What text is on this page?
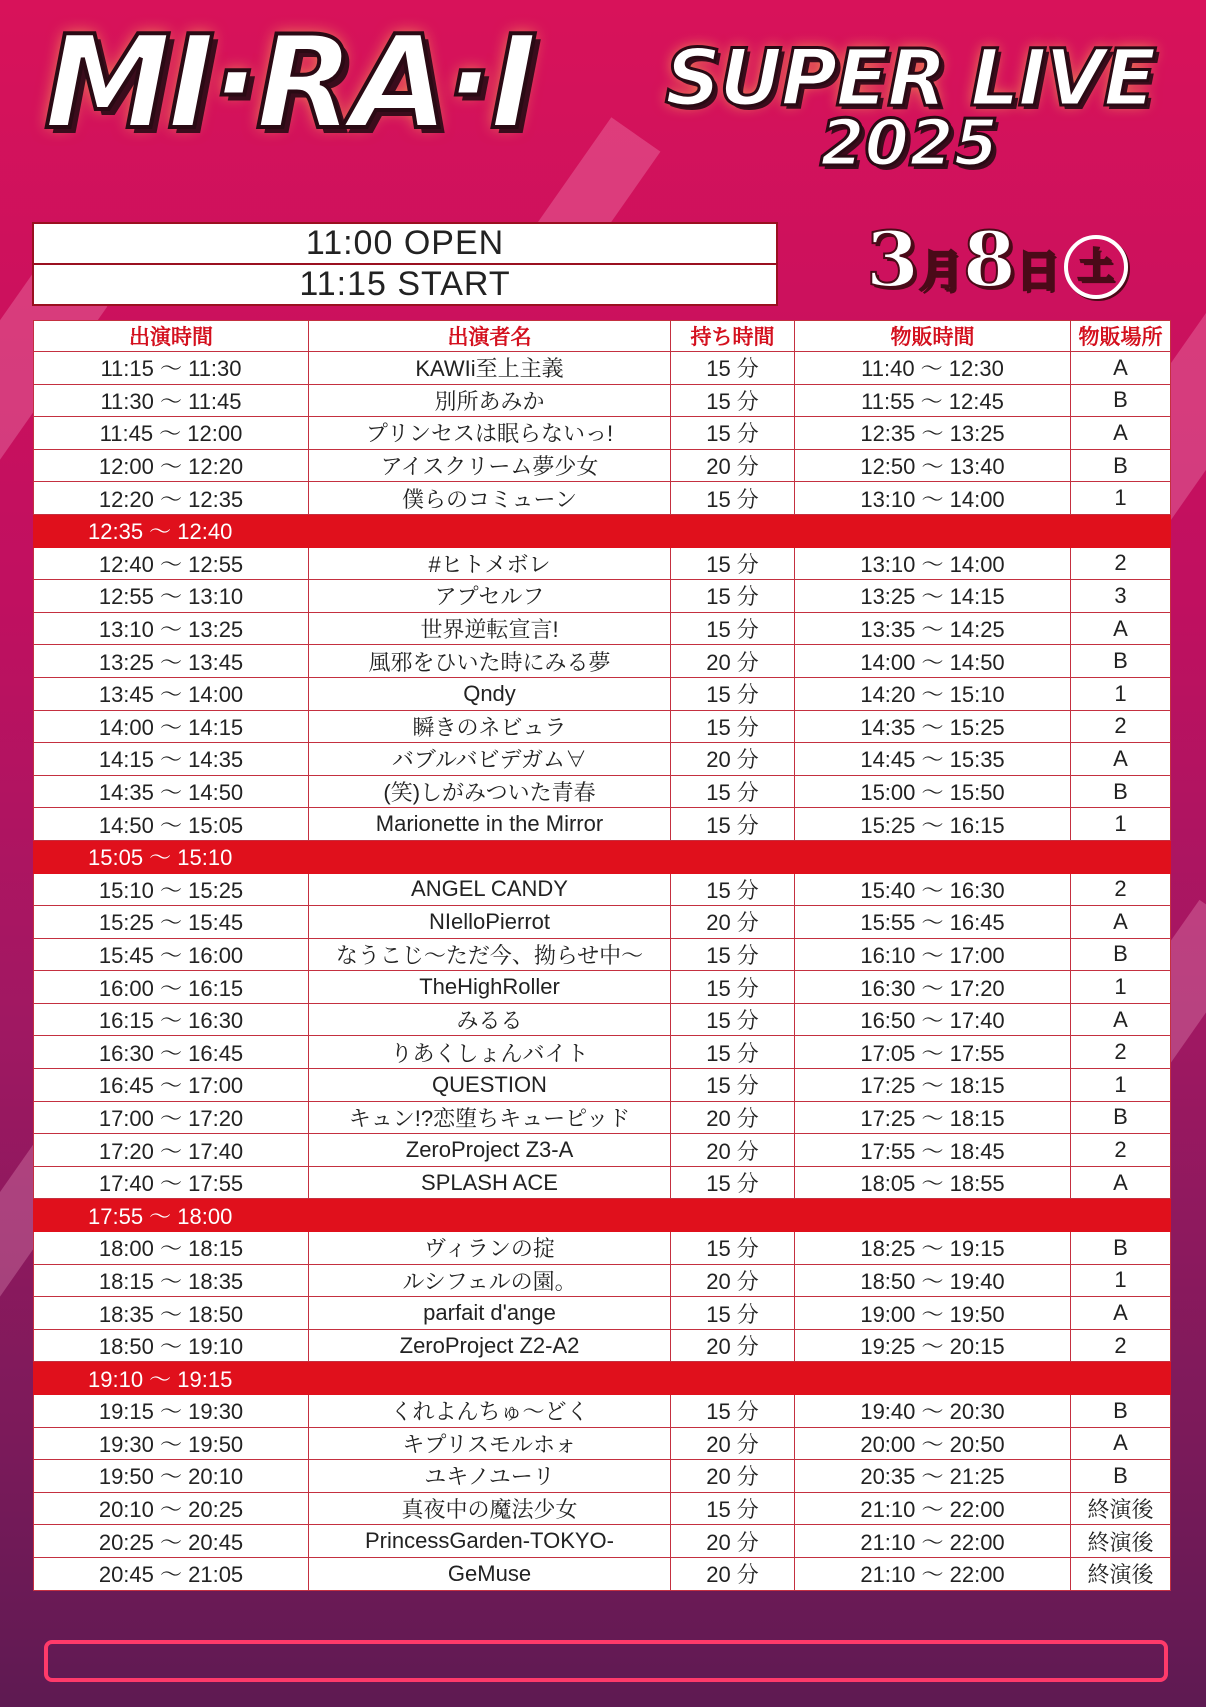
MI·RA·I SUPER LIVE
2025
11:00 OPEN
11:15 START	3月8日 土
出演時間	出演者名	持ち時間	物販時間	物販場所
11:15 〜 11:30	KAWIi至上主義	15 分	11:40 〜 12:30	A
11:30 〜 11:45	別所あみか	15 分	11:55 〜 12:45	B
11:45 〜 12:00	プリンセスは眠らないっ!	15 分	12:35 〜 13:25	A
12:00 〜 12:20	アイスクリーム夢少女	20 分	12:50 〜 13:40	B
12:20 〜 12:35	僕らのコミューン	15 分	13:10 〜 14:00	1
12:35 〜 12:40				
12:40 〜 12:55	#ヒトメボレ	15 分	13:10 〜 14:00	2
12:55 〜 13:10	アプセルフ	15 分	13:25 〜 14:15	3
13:10 〜 13:25	世界逆転宣言!	15 分	13:35 〜 14:25	A
13:25 〜 13:45	風邪をひいた時にみる夢	20 分	14:00 〜 14:50	B
13:45 〜 14:00	Qndy	15 分	14:20 〜 15:10	1
14:00 〜 14:15	瞬きのネビュラ	15 分	14:35 〜 15:25	2
14:15 〜 14:35	バブルバビデガム∀	20 分	14:45 〜 15:35	A
14:35 〜 14:50	(笑)しがみついた青春	15 分	15:00 〜 15:50	B
14:50 〜 15:05	Marionette in the Mirror	15 分	15:25 〜 16:15	1
15:05 〜 15:10				
15:10 〜 15:25	ANGEL CANDY	15 分	15:40 〜 16:30	2
15:25 〜 15:45	NIelloPierrot	20 分	15:55 〜 16:45	A
15:45 〜 16:00	なうこじ〜ただ今、拗らせ中〜	15 分	16:10 〜 17:00	B
16:00 〜 16:15	TheHighRoller	15 分	16:30 〜 17:20	1
16:15 〜 16:30	みるる	15 分	16:50 〜 17:40	A
16:30 〜 16:45	りあくしょんバイト	15 分	17:05 〜 17:55	2
16:45 〜 17:00	QUESTION	15 分	17:25 〜 18:15	1
17:00 〜 17:20	キュン!?恋堕ちキューピッド	20 分	17:25 〜 18:15	B
17:20 〜 17:40	ZeroProject Z3-A	20 分	17:55 〜 18:45	2
17:40 〜 17:55	SPLASH ACE	15 分	18:05 〜 18:55	A
17:55 〜 18:00				
18:00 〜 18:15	ヴィランの掟	15 分	18:25 〜 19:15	B
18:15 〜 18:35	ルシフェルの園。	20 分	18:50 〜 19:40	1
18:35 〜 18:50	parfait d'ange	15 分	19:00 〜 19:50	A
18:50 〜 19:10	ZeroProject Z2-A2	20 分	19:25 〜 20:15	2
19:10 〜 19:15				
19:15 〜 19:30	くれよんちゅ〜どく	15 分	19:40 〜 20:30	B
19:30 〜 19:50	キプリスモルホォ	20 分	20:00 〜 20:50	A
19:50 〜 20:10	ユキノユーリ	20 分	20:35 〜 21:25	B
20:10 〜 20:25	真夜中の魔法少女	15 分	21:10 〜 22:00	終演後
20:25 〜 20:45	PrincessGarden-TOKYO-	20 分	21:10 〜 22:00	終演後
20:45 〜 21:05	GeMuse	20 分	21:10 〜 22:00	終演後
